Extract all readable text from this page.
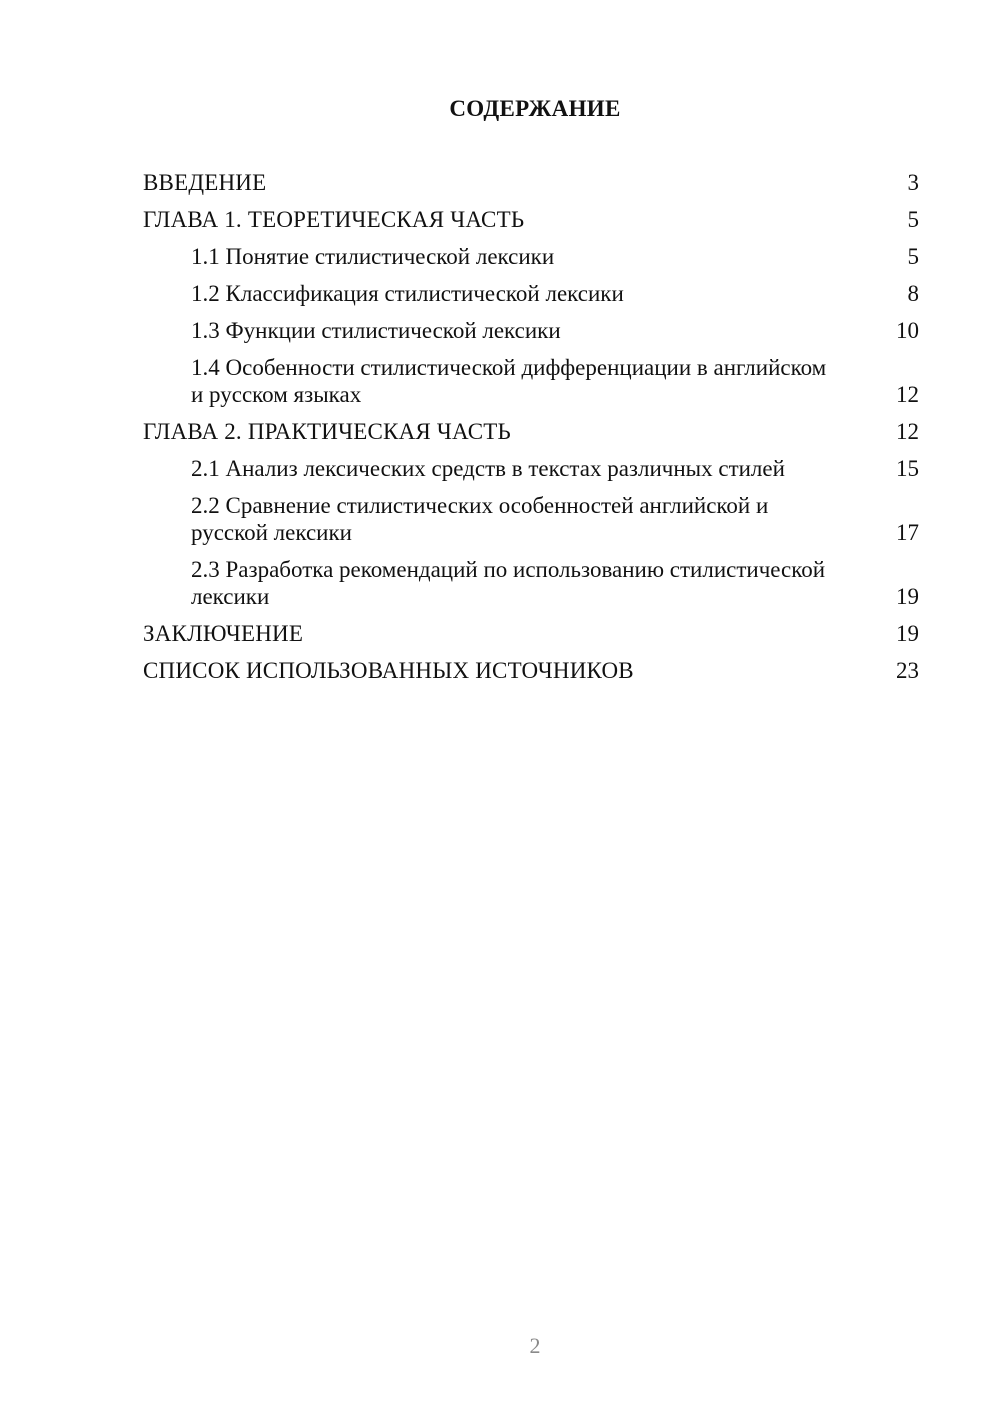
СОДЕРЖАНИЕ
ВВЕДЕНИЕ	3
ГЛАВА 1. ТЕОРЕТИЧЕСКАЯ ЧАСТЬ	5
1.1 Понятие стилистической лексики	5
1.2 Классификация стилистической лексики	8
1.3 Функции стилистической лексики	10
1.4 Особенности стилистической дифференциации в английском и русском языках	12
ГЛАВА 2. ПРАКТИЧЕСКАЯ ЧАСТЬ	12
2.1 Анализ лексических средств в текстах различных стилей	15
2.2 Сравнение стилистических особенностей английской и русской лексики	17
2.3 Разработка рекомендаций по использованию стилистической лексики	19
ЗАКЛЮЧЕНИЕ	19
СПИСОК ИСПОЛЬЗОВАННЫХ ИСТОЧНИКОВ	23
2
